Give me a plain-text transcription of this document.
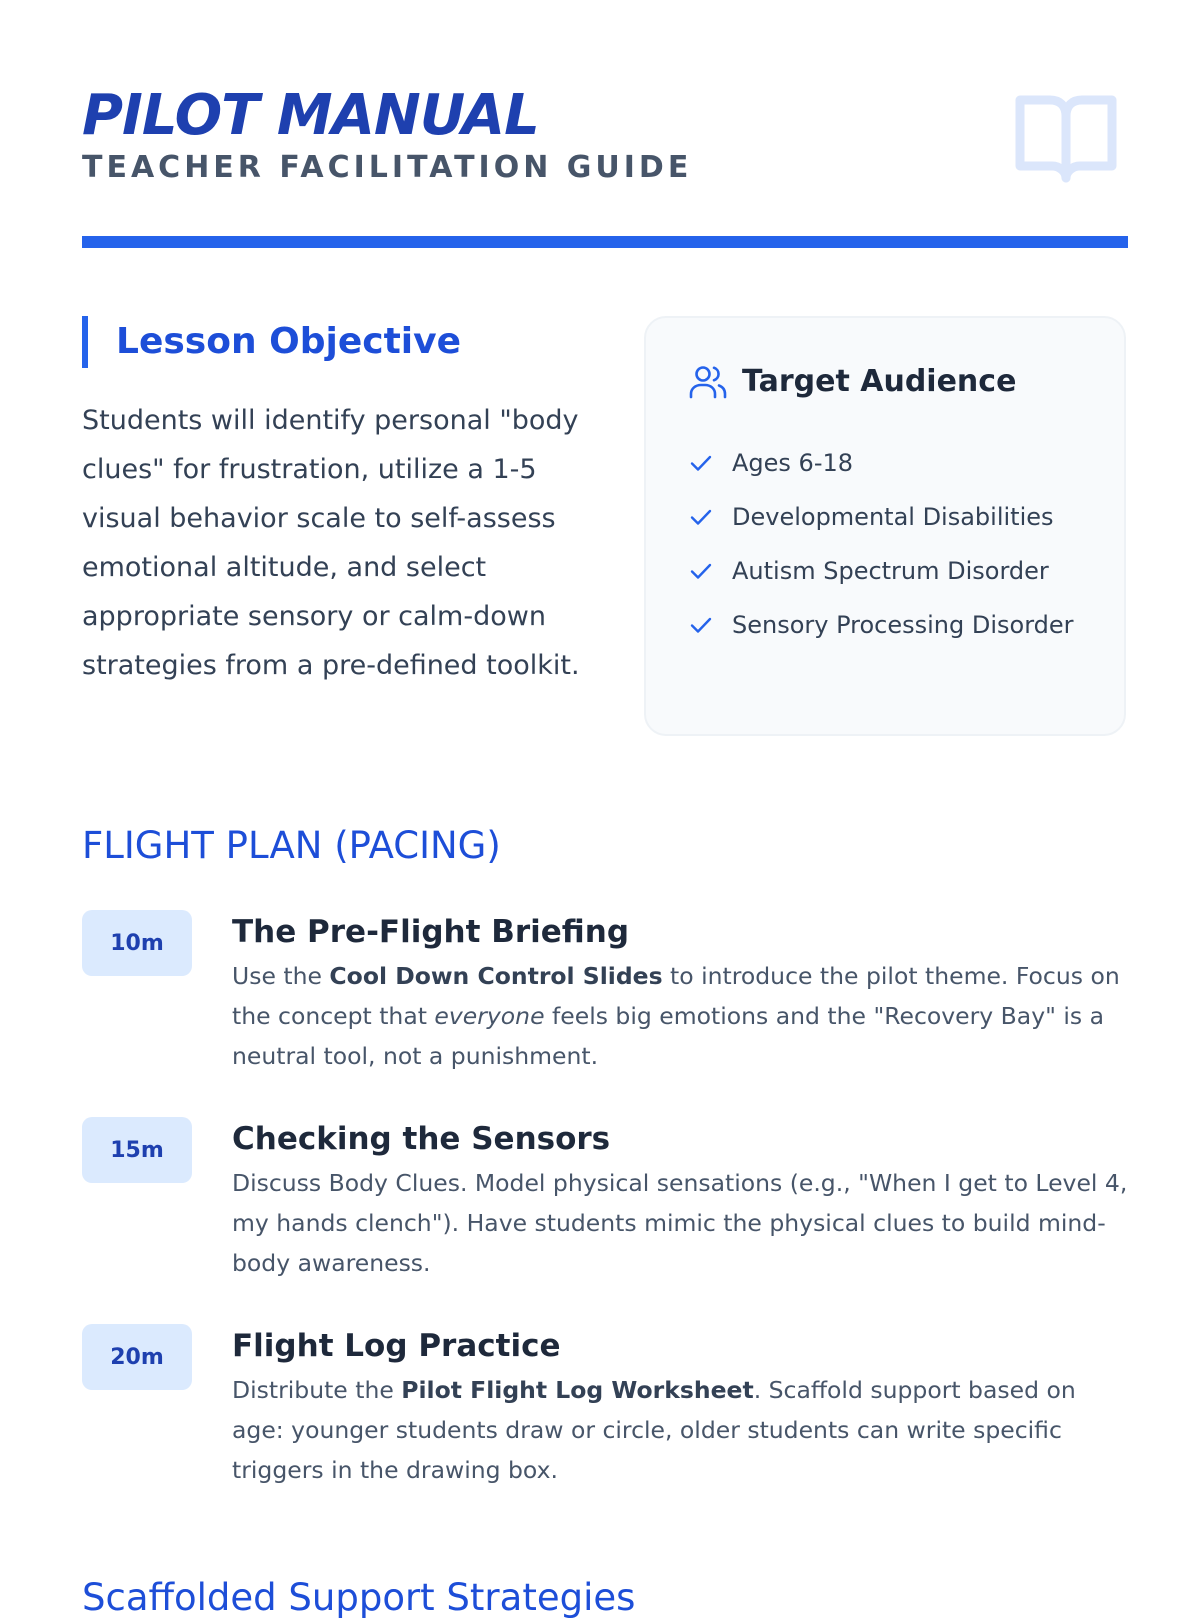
PILOT MANUAL
TEACHER FACILITATION GUIDE
Lesson Objective

Students will identify personal "body clues" for frustration, utilize a 1-5 visual behavior scale to self-assess emotional altitude, and select appropriate sensory or calm-down strategies from a pre-defined toolkit.

Target Audience
Ages 6-18
Developmental Disabilities
Autism Spectrum Disorder
Sensory Processing Disorder
FLIGHT PLAN (PACING)
10m	The Pre-Flight Briefing

Use the Cool Down Control Slides to introduce the pilot theme. Focus on the concept that everyone feels big emotions and the "Recovery Bay" is a neutral tool, not a punishment.

15m	Checking the Sensors

Discuss Body Clues. Model physical sensations (e.g., "When I get to Level 4, my hands clench"). Have students mimic the physical clues to build mind-body awareness.

20m	Flight Log Practice

Distribute the Pilot Flight Log Worksheet. Scaffold support based on age: younger students draw or circle, older students can write specific triggers in the drawing box.

Scaffolded Support Strategies
